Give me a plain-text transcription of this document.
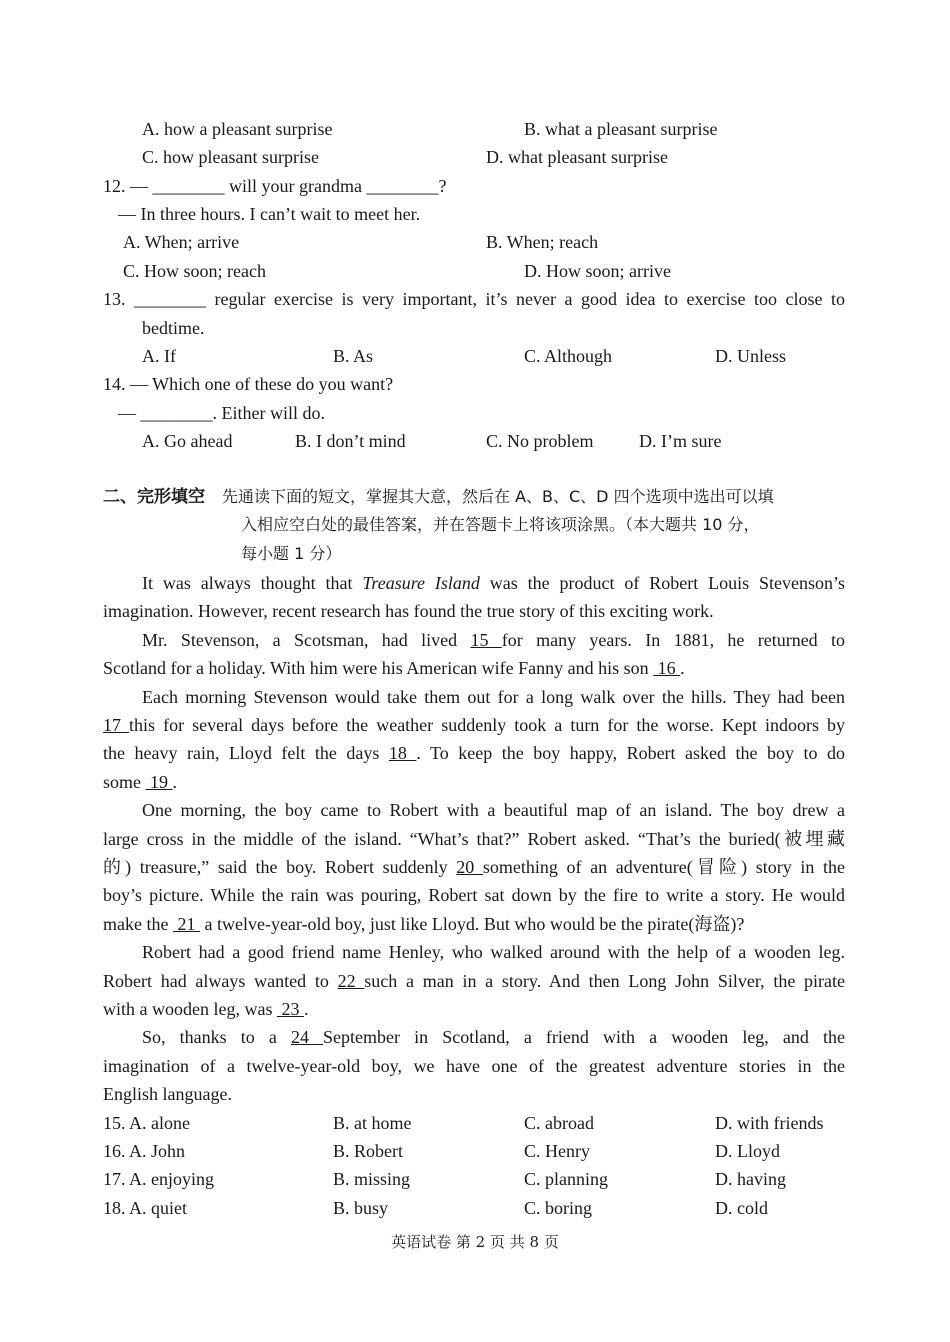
A. how a pleasant surprise	B. what a pleasant surprise
C. how pleasant surprise	D. what pleasant surprise
12. — ________ will your grandma ________?
— In three hours. I can’t wait to meet her.
A. When; arrive	B. When; reach
C. How soon; reach	D. How soon; arrive
13. ________ regular exercise is very important, it’s never a good idea to exercise too close to
bedtime.
A. If	B. As	C. Although	D. Unless
14. — Which one of these do you want?
— ________. Either will do.
A. Go ahead	B. I don’t mind	C. No problem	D. I’m sure
二、完形填空 先通读下面的短文，掌握其大意，然后在 A、B、C、D 四个选项中选出可以填
入相应空白处的最佳答案，并在答题卡上将该项涂黑。（本大题共 10 分，
每小题 1 分）
It was always thought that Treasure Island was the product of Robert Louis Stevenson’s
imagination. However, recent research has found the true story of this exciting work.
Mr. Stevenson, a Scotsman, had lived 15 for many years. In 1881, he returned to
Scotland for a holiday. With him were his American wife Fanny and his son  16 .
Each morning Stevenson would take them out for a long walk over the hills. They had been
17 this for several days before the weather suddenly took a turn for the worse. Kept indoors by
the heavy rain, Lloyd felt the days 18 . To keep the boy happy, Robert asked the boy to do
some  19 .
One morning, the boy came to Robert with a beautiful map of an island. The boy drew a
large cross in the middle of the island. “What’s that?” Robert asked. “That’s the buried(被埋藏
的) treasure,” said the boy. Robert suddenly 20 something of an adventure(冒险) story in the
boy’s picture. While the rain was pouring, Robert sat down by the fire to write a story. He would
make the  21  a twelve-year-old boy, just like Lloyd. But who would be the pirate(海盗)?
Robert had a good friend name Henley, who walked around with the help of a wooden leg.
Robert had always wanted to 22 such a man in a story. And then Long John Silver, the pirate
with a wooden leg, was  23 .
So, thanks to a 24 September in Scotland, a friend with a wooden leg, and the
imagination of a twelve-year-old boy, we have one of the greatest adventure stories in the
English language.
15. A. alone	B. at home	C. abroad	D. with friends
16. A. John	B. Robert	C. Henry	D. Lloyd
17. A. enjoying	B. missing	C. planning	D. having
18. A. quiet	B. busy	C. boring	D. cold
英语试卷 第 2 页 共 8 页
